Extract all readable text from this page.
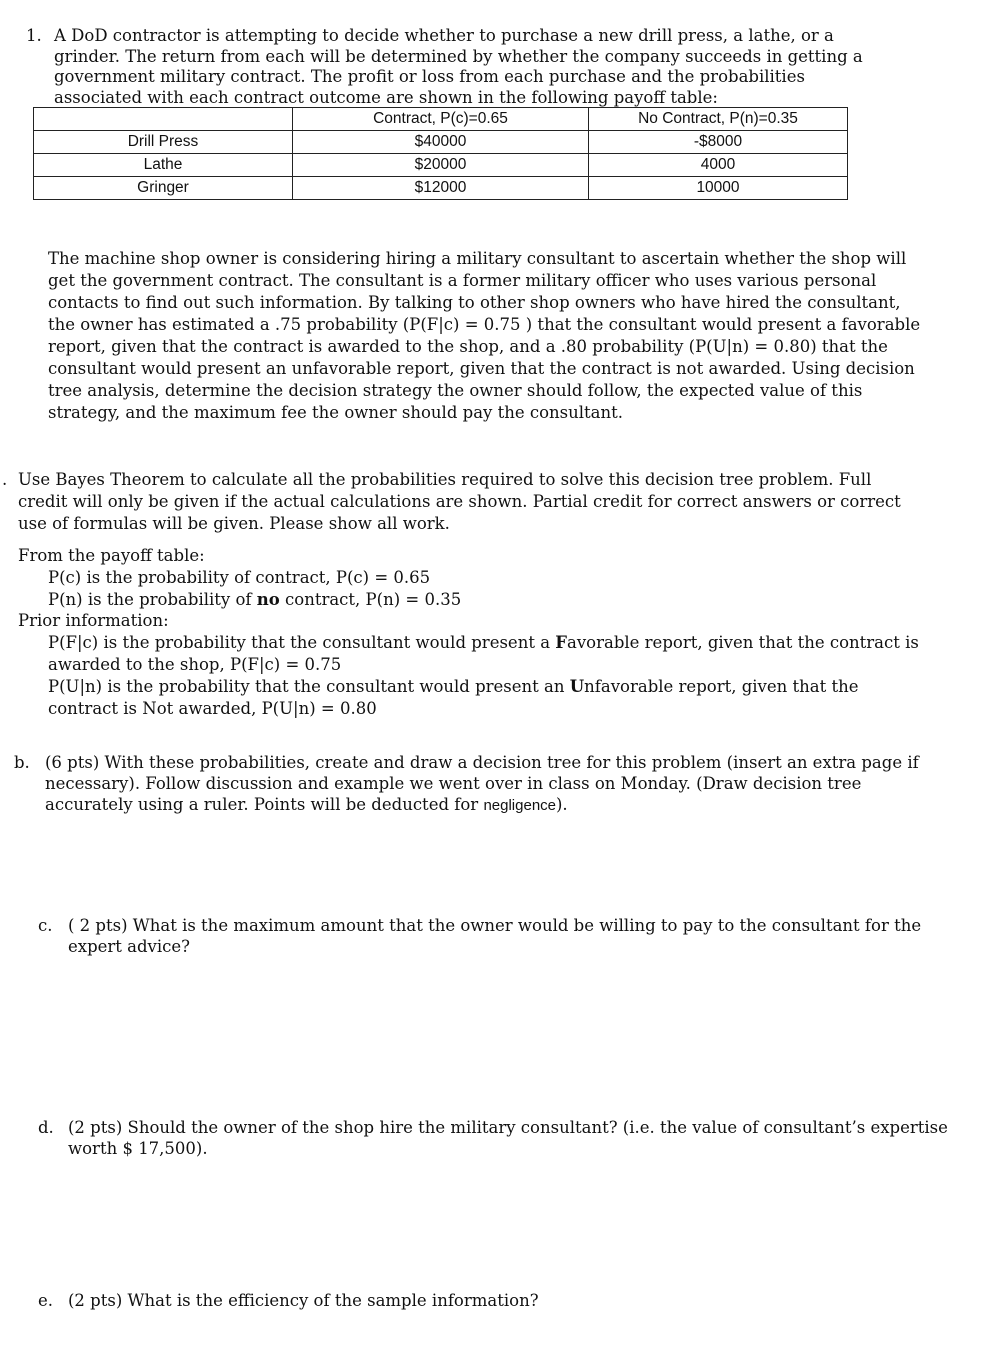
1. A DoD contractor is attempting to decide whether to purchase a new drill press, a lathe, or a
grinder. The return from each will be determined by whether the company succeeds in getting a
government military contract. The profit or loss from each purchase and the probabilities
associated with each contract outcome are shown in the following payoff table:
	Contract, P(c)=0.65	No Contract, P(n)=0.35
Drill Press	$40000	-$8000
Lathe	$20000	4000
Gringer	$12000	10000
The machine shop owner is considering hiring a military consultant to ascertain whether the shop will get the government contract. The consultant is a former military officer who uses various personal contacts to find out such information. By talking to other shop owners who have hired the consultant, the owner has estimated a .75 probability (P(F|c) = 0.75 ) that the consultant would present a favorable report, given that the contract is awarded to the shop, and a .80 probability (P(U|n) = 0.80) that the consultant would present an unfavorable report, given that the contract is not awarded. Using decision tree analysis, determine the decision strategy the owner should follow, the expected value of this strategy, and the maximum fee the owner should pay the consultant.
. Use Bayes Theorem to calculate all the probabilities required to solve this decision tree problem. Full credit will only be given if the actual calculations are shown. Partial credit for correct answers or correct use of formulas will be given. Please show all work.
From the payoff table:
P(c) is the probability of contract, P(c) = 0.65
P(n) is the probability of no contract, P(n) = 0.35
Prior information:
P(F|c) is the probability that the consultant would present a Favorable report, given that the contract is awarded to the shop, P(F|c) = 0.75
P(U|n) is the probability that the consultant would present an Unfavorable report, given that the contract is Not awarded, P(U|n) = 0.80
b. (6 pts) With these probabilities, create and draw a decision tree for this problem (insert an extra page if necessary). Follow discussion and example we went over in class on Monday. (Draw decision tree accurately using a ruler. Points will be deducted for negligence).
c. ( 2 pts) What is the maximum amount that the owner would be willing to pay to the consultant for the expert advice?
d. (2 pts) Should the owner of the shop hire the military consultant? (i.e. the value of consultant’s expertise worth $ 17,500).
e. (2 pts) What is the efficiency of the sample information?
